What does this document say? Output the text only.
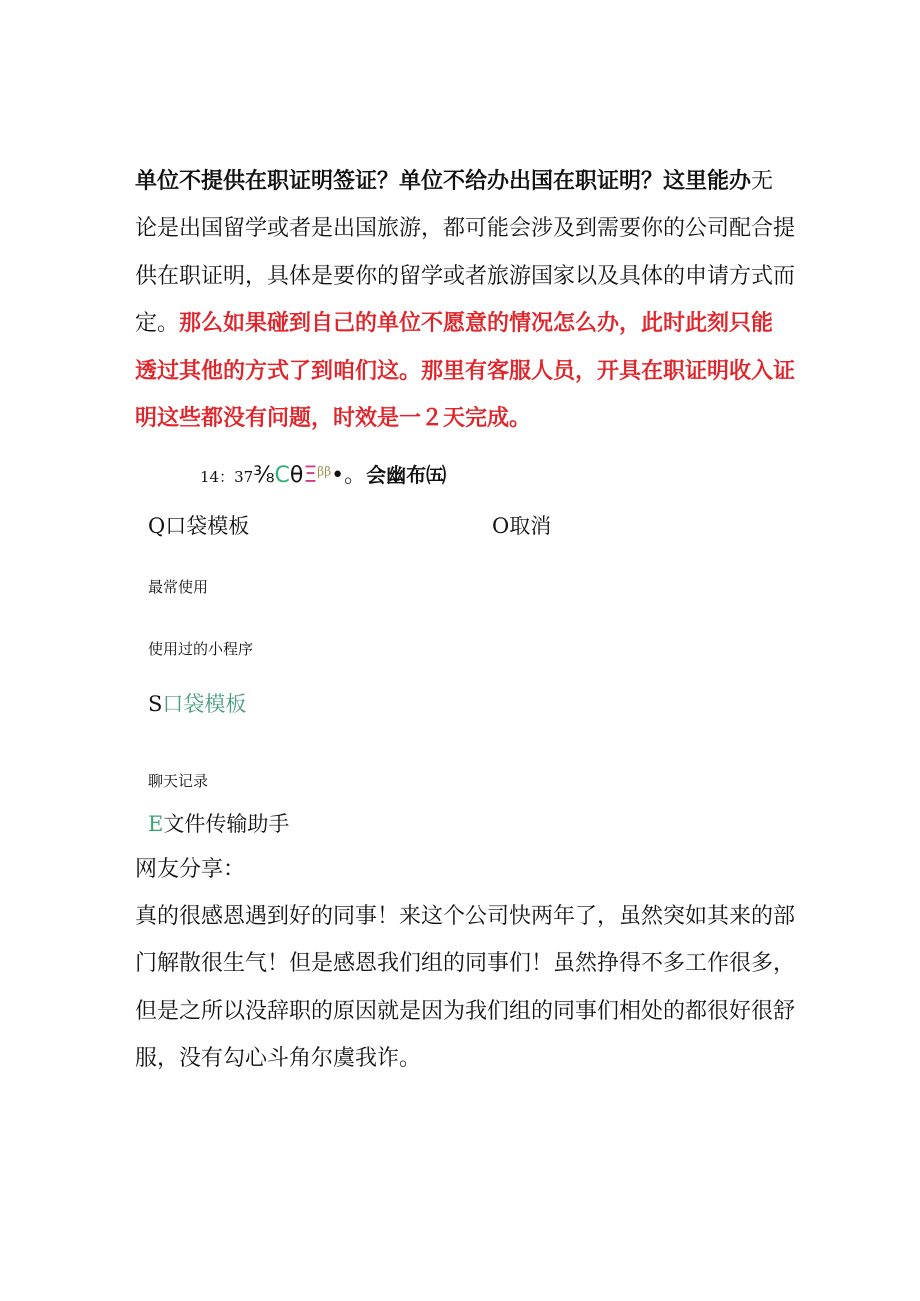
单位不提供在职证明签证？单位不给办出国在职证明？这里能办无论是出国留学或者是出国旅游，都可能会涉及到需要你的公司配合提供在职证明，具体是要你的留学或者旅游国家以及具体的申请方式而定。那么如果碰到自己的单位不愿意的情况怎么办，此时此刻只能透过其他的方式了到咱们这。那里有客服人员，开具在职证明收入证明这些都没有问题，时效是一２天完成。
14：37⅜CθΞ$^{\beta\beta}$•。会幽布㈤
Q口袋模板	O取消
最常使用
使用过的小程序
S口袋模板
聊天记录
E文件传输助手
网友分享：
真的很感恩遇到好的同事！来这个公司快两年了，虽然突如其来的部门解散很生气！但是感恩我们组的同事们！虽然挣得不多工作很多，但是之所以没辞职的原因就是因为我们组的同事们相处的都很好很舒服，没有勾心斗角尔虞我诈。
